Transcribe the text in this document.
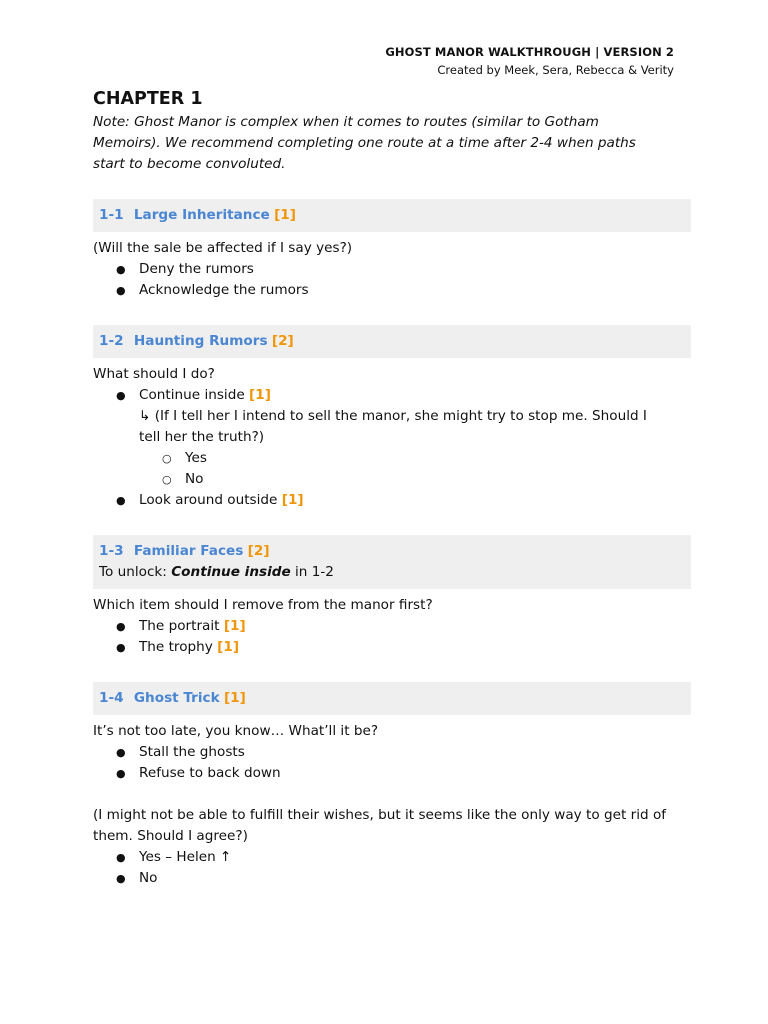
GHOST MANOR WALKTHROUGH | VERSION 2
Created by Meek, Sera, Rebecca & Verity
CHAPTER 1

Note: Ghost Manor is complex when it comes to routes (similar to Gotham Memoirs). We recommend completing one route at a time after 2-4 when paths start to become convoluted.

1-1 Large Inheritance [1]

(Will the sale be affected if I say yes?)

● Deny the rumors
● Acknowledge the rumors
1-2 Haunting Rumors [2]

What should I do?

● Continue inside [1]
↳ (If I tell her I intend to sell the manor, she might try to stop me. Should I tell her the truth?)
○ Yes
○ No
● Look around outside [1]
1-3 Familiar Faces [2]
To unlock: Continue inside in 1-2

Which item should I remove from the manor first?

● The portrait [1]
● The trophy [1]
1-4 Ghost Trick [1]

It’s not too late, you know… What’ll it be?

● Stall the ghosts
● Refuse to back down

(I might not be able to fulfill their wishes, but it seems like the only way to get rid of them. Should I agree?)

● Yes – Helen ↑
● No
